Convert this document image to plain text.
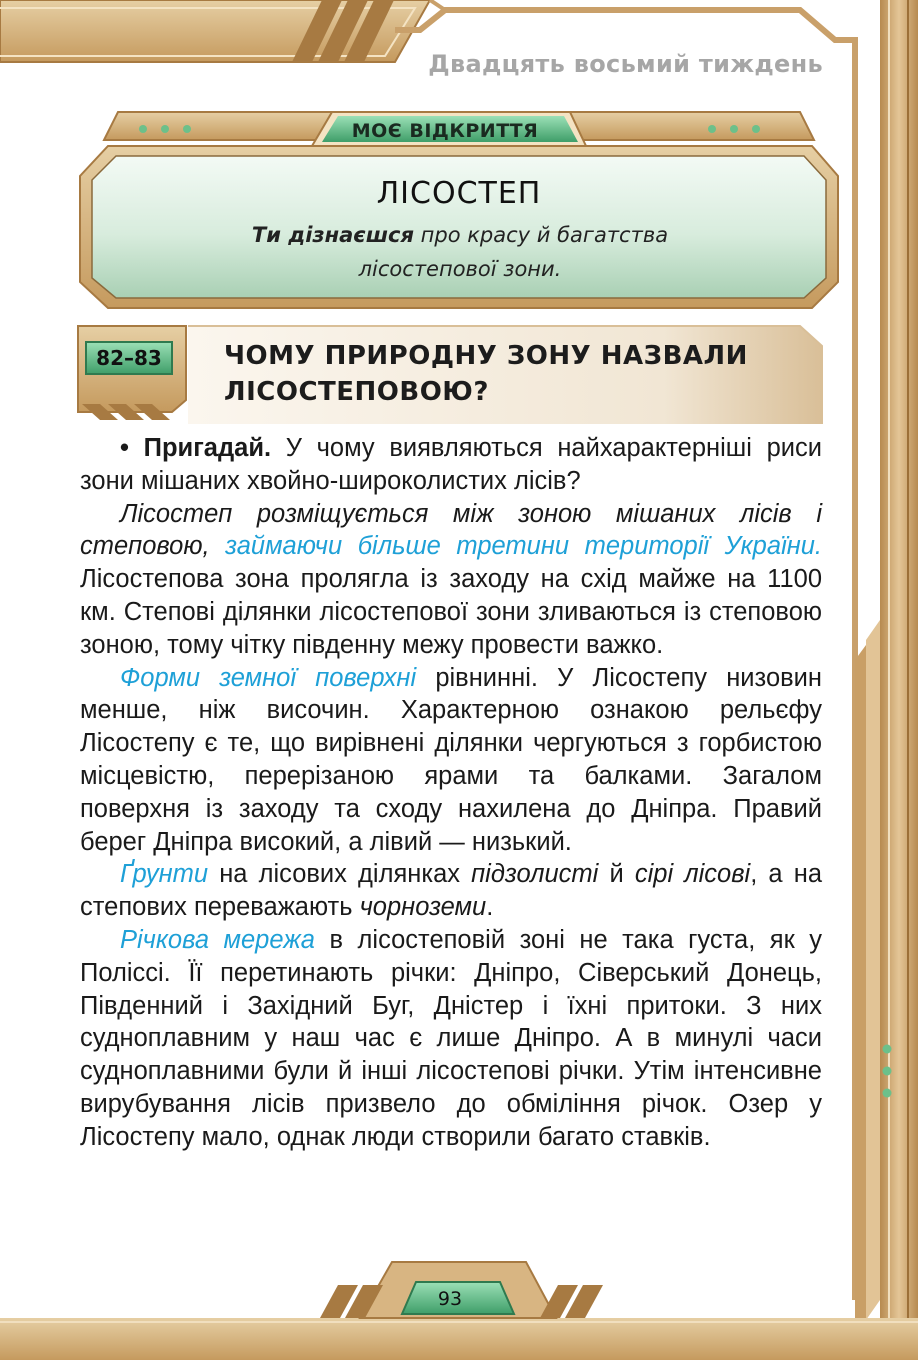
Двадцять восьмий тиждень
МОЄ ВІДКРИТТЯ
ЛІСОСТЕП
Ти дізнаєшся про красу й багатства
лісостепової зони.
82–83	ЧОМУ ПРИРОДНУ ЗОНУ НАЗВАЛИ
ЛІСОСТЕПОВОЮ?

• Пригадай. У чому виявляються найхарактерніші риси зони мішаних хвойно-широколистих лісів?

Лісостеп розміщується між зоною мішаних лісів і степовою, займаючи більше третини території України. Лісостепова зона пролягла із заходу на схід майже на 1100 км. Степові ділянки лісостепової зони зливаються із степовою зоною, тому чітку південну межу провести важко.

Форми земної поверхні рівнинні. У Лісостепу низовин менше, ніж височин. Характерною ознакою рельєфу Лісостепу є те, що вирівнені ділянки чергуються з горбистою місцевістю, перерізаною ярами та балками. Загалом поверхня із заходу та сходу нахилена до Дніпра. Правий берег Дніпра високий, а лівий — низький.

Ґрунти на лісових ділянках підзолисті й сірі лісові, а на степових переважають чорноземи.

Річкова мережа в лісостеповій зоні не така густа, як у Поліссі. Її перетинають річки: Дніпро, Сіверський Донець, Південний і Західний Буг, Дністер і їхні притоки. З них судноплавним у наш час є лише Дніпро. А в минулі часи судноплавними були й інші лісостепові річки. Утім інтенсивне вирубування лісів призвело до обміління річок. Озер у Лісостепу мало, однак люди створили багато ставків.

93
